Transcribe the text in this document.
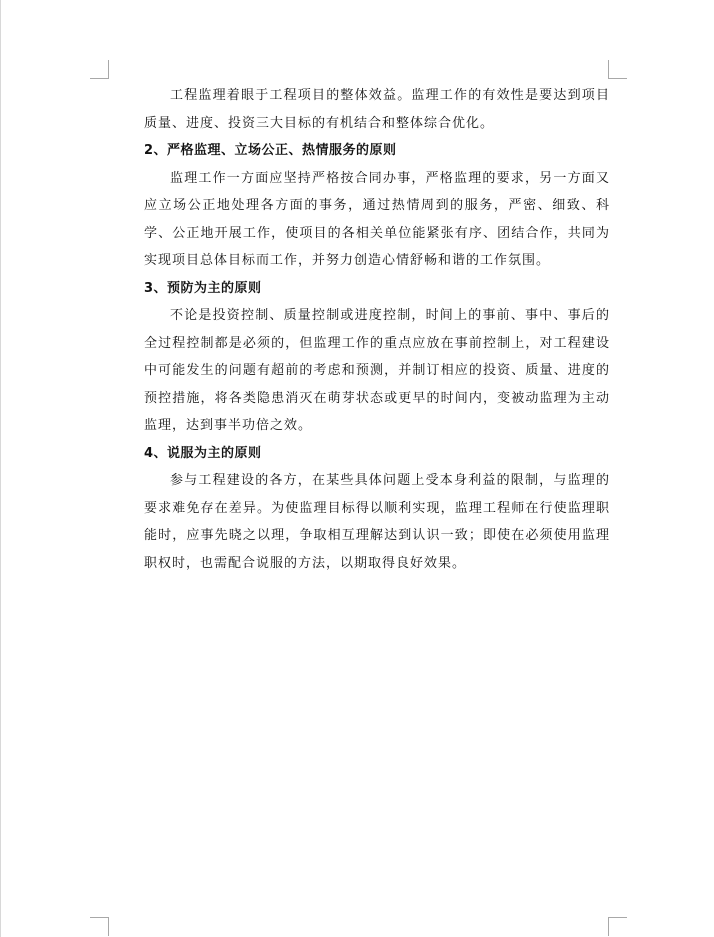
工程监理着眼于工程项目的整体效益。监理工作的有效性是要达到项目质量、进度、投资三大目标的有机结合和整体综合优化。

2、严格监理、立场公正、热情服务的原则

监理工作一方面应坚持严格按合同办事，严格监理的要求，另一方面又应立场公正地处理各方面的事务，通过热情周到的服务，严密、细致、科学、公正地开展工作，使项目的各相关单位能紧张有序、团结合作，共同为实现项目总体目标而工作，并努力创造心情舒畅和谐的工作氛围。

3、预防为主的原则

不论是投资控制、质量控制或进度控制，时间上的事前、事中、事后的全过程控制都是必须的，但监理工作的重点应放在事前控制上，对工程建设中可能发生的问题有超前的考虑和预测，并制订相应的投资、质量、进度的预控措施，将各类隐患消灭在萌芽状态或更早的时间内，变被动监理为主动监理，达到事半功倍之效。

4、说服为主的原则

参与工程建设的各方，在某些具体问题上受本身利益的限制，与监理的要求难免存在差异。为使监理目标得以顺利实现，监理工程师在行使监理职能时，应事先晓之以理，争取相互理解达到认识一致；即使在必须使用监理职权时，也需配合说服的方法，以期取得良好效果。
